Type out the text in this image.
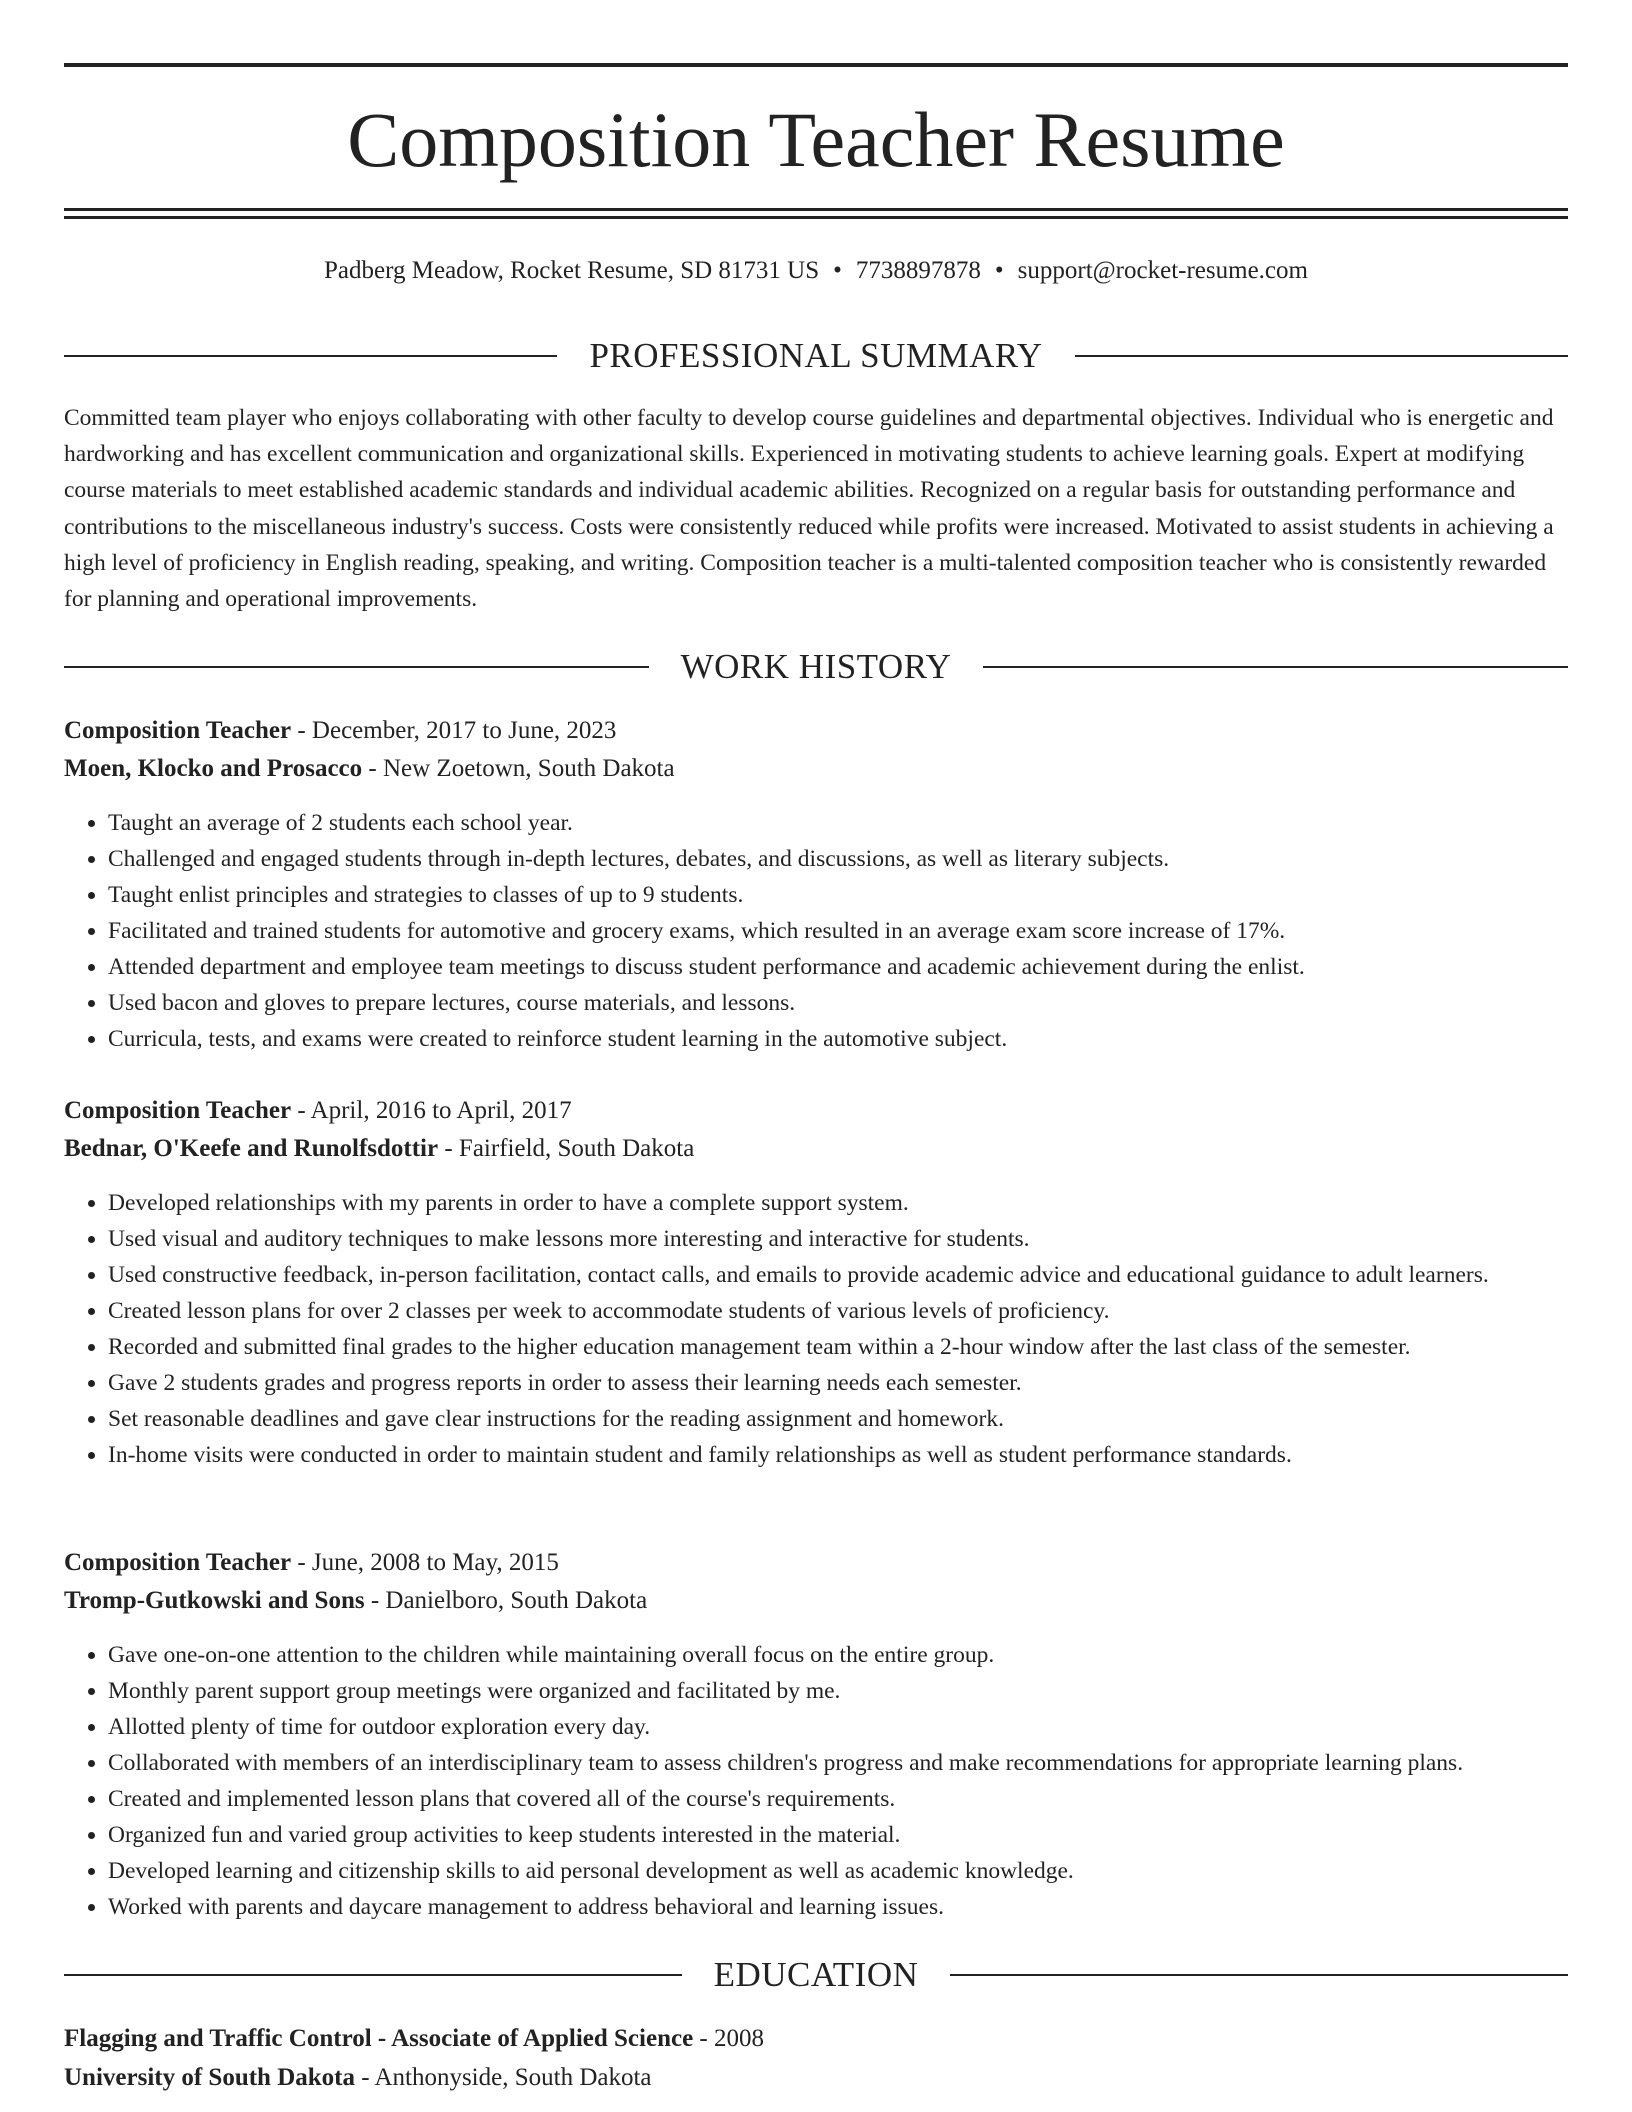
Composition Teacher Resume
Padberg Meadow, Rocket Resume, SD 81731 US • 7738897878 • support@rocket-resume.com
PROFESSIONAL SUMMARY

Committed team player who enjoys collaborating with other faculty to develop course guidelines and departmental objectives. Individual who is energetic and hardworking and has excellent communication and organizational skills. Experienced in motivating students to achieve learning goals. Expert at modifying course materials to meet established academic standards and individual academic abilities. Recognized on a regular basis for outstanding performance and contributions to the miscellaneous industry's success. Costs were consistently reduced while profits were increased. Motivated to assist students in achieving a high level of proficiency in English reading, speaking, and writing. Composition teacher is a multi-talented composition teacher who is consistently rewarded for planning and operational improvements.

WORK HISTORY
Composition Teacher - December, 2017 to June, 2023
Moen, Klocko and Prosacco - New Zoetown, South Dakota
• Taught an average of 2 students each school year.
• Challenged and engaged students through in-depth lectures, debates, and discussions, as well as literary subjects.
• Taught enlist principles and strategies to classes of up to 9 students.
• Facilitated and trained students for automotive and grocery exams, which resulted in an average exam score increase of 17%.
• Attended department and employee team meetings to discuss student performance and academic achievement during the enlist.
• Used bacon and gloves to prepare lectures, course materials, and lessons.
• Curricula, tests, and exams were created to reinforce student learning in the automotive subject.
Composition Teacher - April, 2016 to April, 2017
Bednar, O'Keefe and Runolfsdottir - Fairfield, South Dakota
• Developed relationships with my parents in order to have a complete support system.
• Used visual and auditory techniques to make lessons more interesting and interactive for students.
• Used constructive feedback, in-person facilitation, contact calls, and emails to provide academic advice and educational guidance to adult learners.
• Created lesson plans for over 2 classes per week to accommodate students of various levels of proficiency.
• Recorded and submitted final grades to the higher education management team within a 2-hour window after the last class of the semester.
• Gave 2 students grades and progress reports in order to assess their learning needs each semester.
• Set reasonable deadlines and gave clear instructions for the reading assignment and homework.
• In-home visits were conducted in order to maintain student and family relationships as well as student performance standards.
Composition Teacher - June, 2008 to May, 2015
Tromp-Gutkowski and Sons - Danielboro, South Dakota
• Gave one-on-one attention to the children while maintaining overall focus on the entire group.
• Monthly parent support group meetings were organized and facilitated by me.
• Allotted plenty of time for outdoor exploration every day.
• Collaborated with members of an interdisciplinary team to assess children's progress and make recommendations for appropriate learning plans.
• Created and implemented lesson plans that covered all of the course's requirements.
• Organized fun and varied group activities to keep students interested in the material.
• Developed learning and citizenship skills to aid personal development as well as academic knowledge.
• Worked with parents and daycare management to address behavioral and learning issues.
EDUCATION
Flagging and Traffic Control - Associate of Applied Science - 2008
University of South Dakota - Anthonyside, South Dakota
